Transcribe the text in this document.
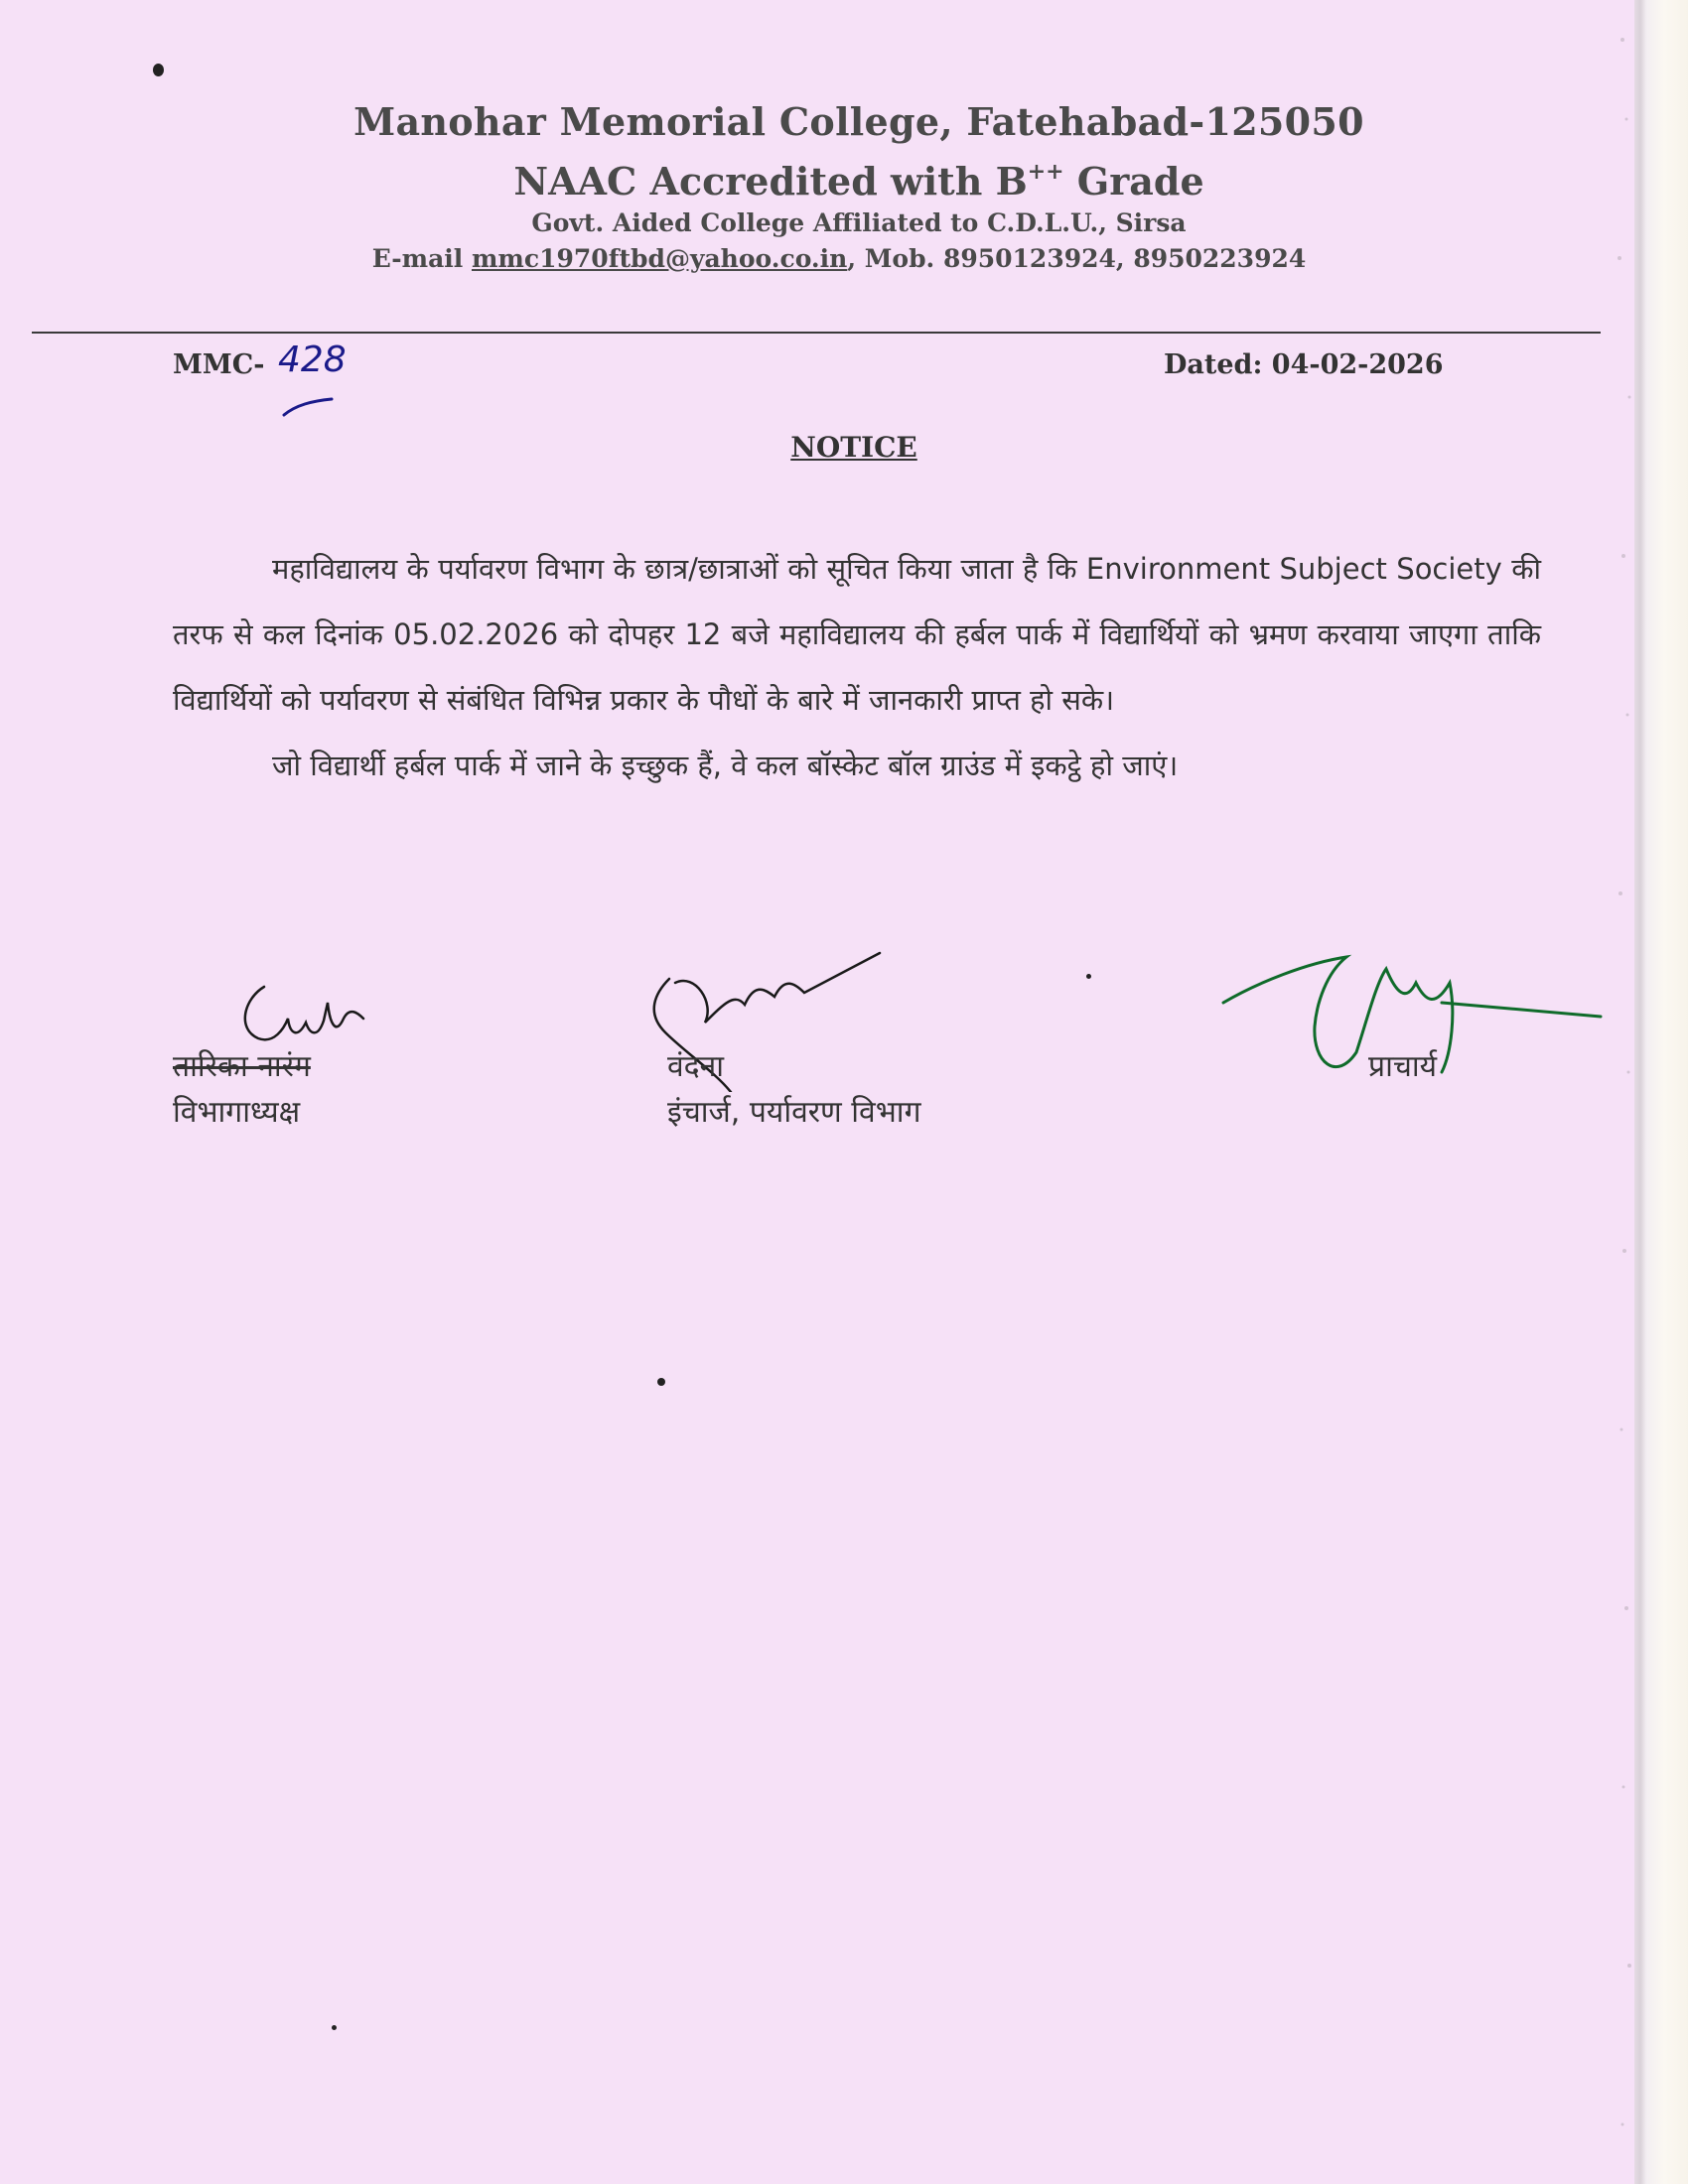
Manohar Memorial College, Fatehabad-125050
NAAC Accredited with B++ Grade
Govt. Aided College Affiliated to C.D.L.U., Sirsa
E-mail mmc1970ftbd@yahoo.co.in, Mob. 8950123924, 8950223924
MMC- 428	Dated: 04-02-2026
NOTICE

महाविद्यालय के पर्यावरण विभाग के छात्र/छात्राओं को सूचित किया जाता है कि Environment Subject Society की तरफ से कल दिनांक 05.02.2026 को दोपहर 12 बजे महाविद्यालय की हर्बल पार्क में विद्यार्थियों को भ्रमण करवाया जाएगा ताकि विद्यार्थियों को पर्यावरण से संबंधित विभिन्न प्रकार के पौधों के बारे में जानकारी प्राप्त हो सके।

जो विद्यार्थी हर्बल पार्क में जाने के इच्छुक हैं, वे कल बॉस्केट बॉल ग्राउंड में इकट्ठे हो जाएं।

तारिका नारंग
विभागाध्यक्ष
वंदना
इंचार्ज, पर्यावरण विभाग
प्राचार्य
